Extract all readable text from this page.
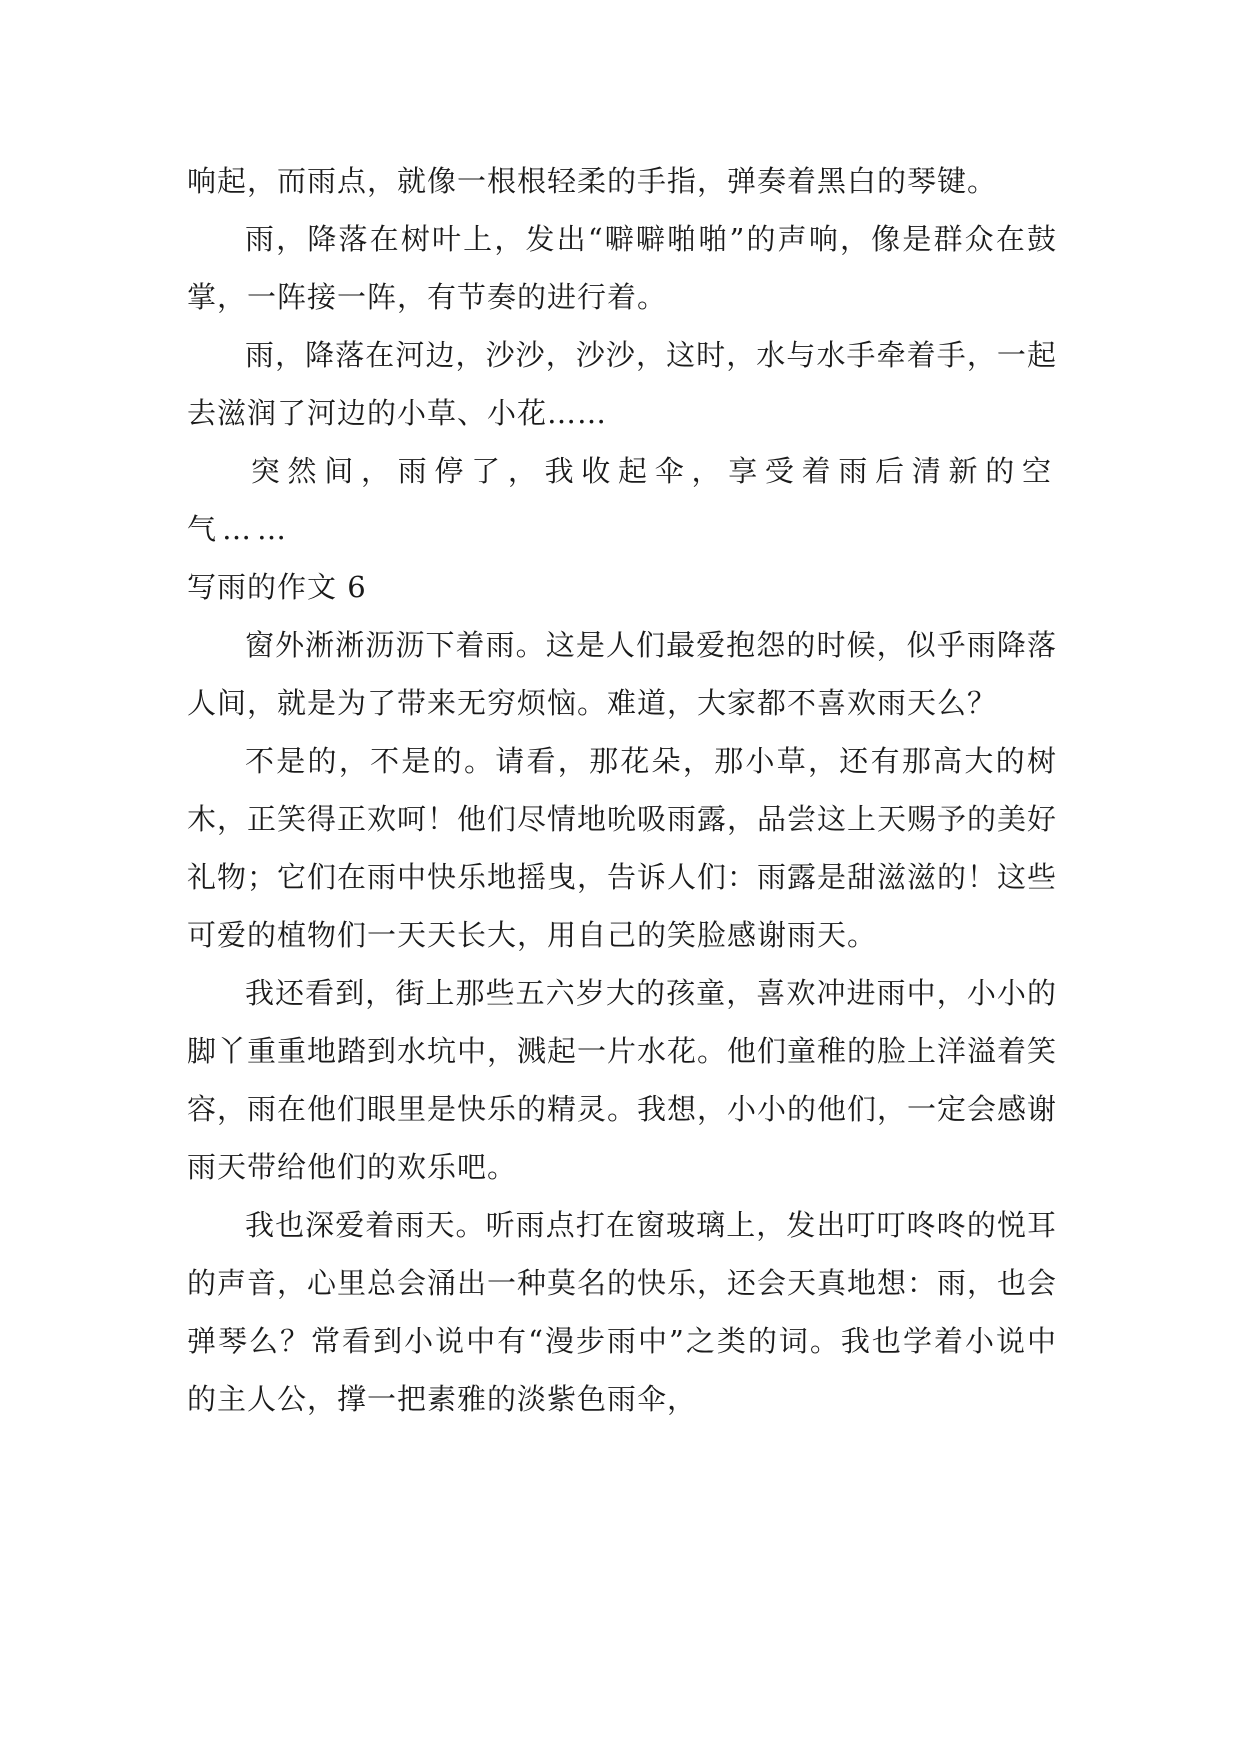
响起，而雨点，就像一根根轻柔的手指，弹奏着黑白的琴键。

雨，降落在树叶上，发出“噼噼啪啪”的声响，像是群众在鼓掌，一阵接一阵，有节奏的进行着。

雨，降落在河边，沙沙，沙沙，这时，水与水手牵着手，一起去滋润了河边的小草、小花……

突然间，雨停了，我收起伞，享受着雨后清新的空气……

写雨的作文 6

窗外淅淅沥沥下着雨。这是人们最爱抱怨的时候，似乎雨降落人间，就是为了带来无穷烦恼。难道，大家都不喜欢雨天么？

不是的，不是的。请看，那花朵，那小草，还有那高大的树木，正笑得正欢呵！他们尽情地吮吸雨露，品尝这上天赐予的美好礼物；它们在雨中快乐地摇曳，告诉人们：雨露是甜滋滋的！这些可爱的植物们一天天长大，用自己的笑脸感谢雨天。

我还看到，街上那些五六岁大的孩童，喜欢冲进雨中，小小的脚丫重重地踏到水坑中，溅起一片水花。他们童稚的脸上洋溢着笑容，雨在他们眼里是快乐的精灵。我想，小小的他们，一定会感谢雨天带给他们的欢乐吧。

我也深爱着雨天。听雨点打在窗玻璃上，发出叮叮咚咚的悦耳的声音，心里总会涌出一种莫名的快乐，还会天真地想：雨，也会弹琴么？常看到小说中有“漫步雨中”之类的词。我也学着小说中的主人公，撑一把素雅的淡紫色雨伞，
